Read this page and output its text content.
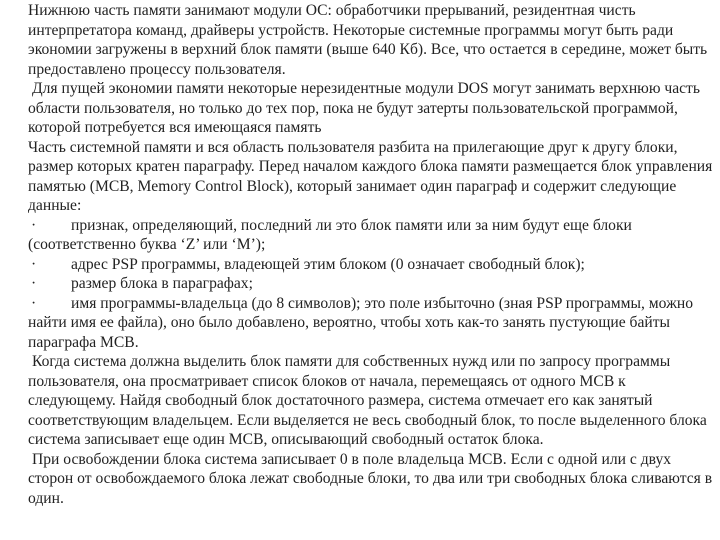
Нижнюю часть памяти занимают модули ОС: обработчики прерываний, резидентная чисть интерпретатора команд, драйверы устройств. Некоторые системные программы могут быть ради экономии загружены в верхний блок памяти (выше 640 Кб). Все, что остается в середине, может быть предоставлено процессу пользователя.

Для пущей экономии памяти некоторые нерезидентные модули DOS могут занимать верхнюю часть области пользователя, но только до тех пор, пока не будут затерты пользовательской программой, которой потребуется вся имеющаяся память

Часть системной памяти и вся область пользователя разбита на прилегающие друг к другу блоки, размер которых кратен параграфу. Перед началом каждого блока памяти размещается блок управления памятью (MCB, Memory Control Block), который занимает один параграф и содержит следующие данные:

· признак, определяющий, последний ли это блок памяти или за ним будут еще блоки (соответственно буква ‘Z’ или ‘M’);

· адрес PSP программы, владеющей этим блоком (0 означает свободный блок);

· размер блока в параграфах;

· имя программы-владельца (до 8 символов); это поле избыточно (зная PSP программы, можно найти имя ее файла), оно было добавлено, вероятно, чтобы хоть как-то занять пустующие байты параграфа MCB.

Когда система должна выделить блок памяти для собственных нужд или по запросу программы пользователя, она просматривает список блоков от начала, перемещаясь от одного MCB к следующему. Найдя свободный блок достаточного размера, система отмечает его как занятый соответствующим владельцем. Если выделяется не весь свободный блок, то после выделенного блока система записывает еще один MCB, описывающий свободный остаток блока.

При освобождении блока система записывает 0 в поле владельца MCB. Если с одной или с двух сторон от освобождаемого блока лежат свободные блоки, то два или три свободных блока сливаются в один.
